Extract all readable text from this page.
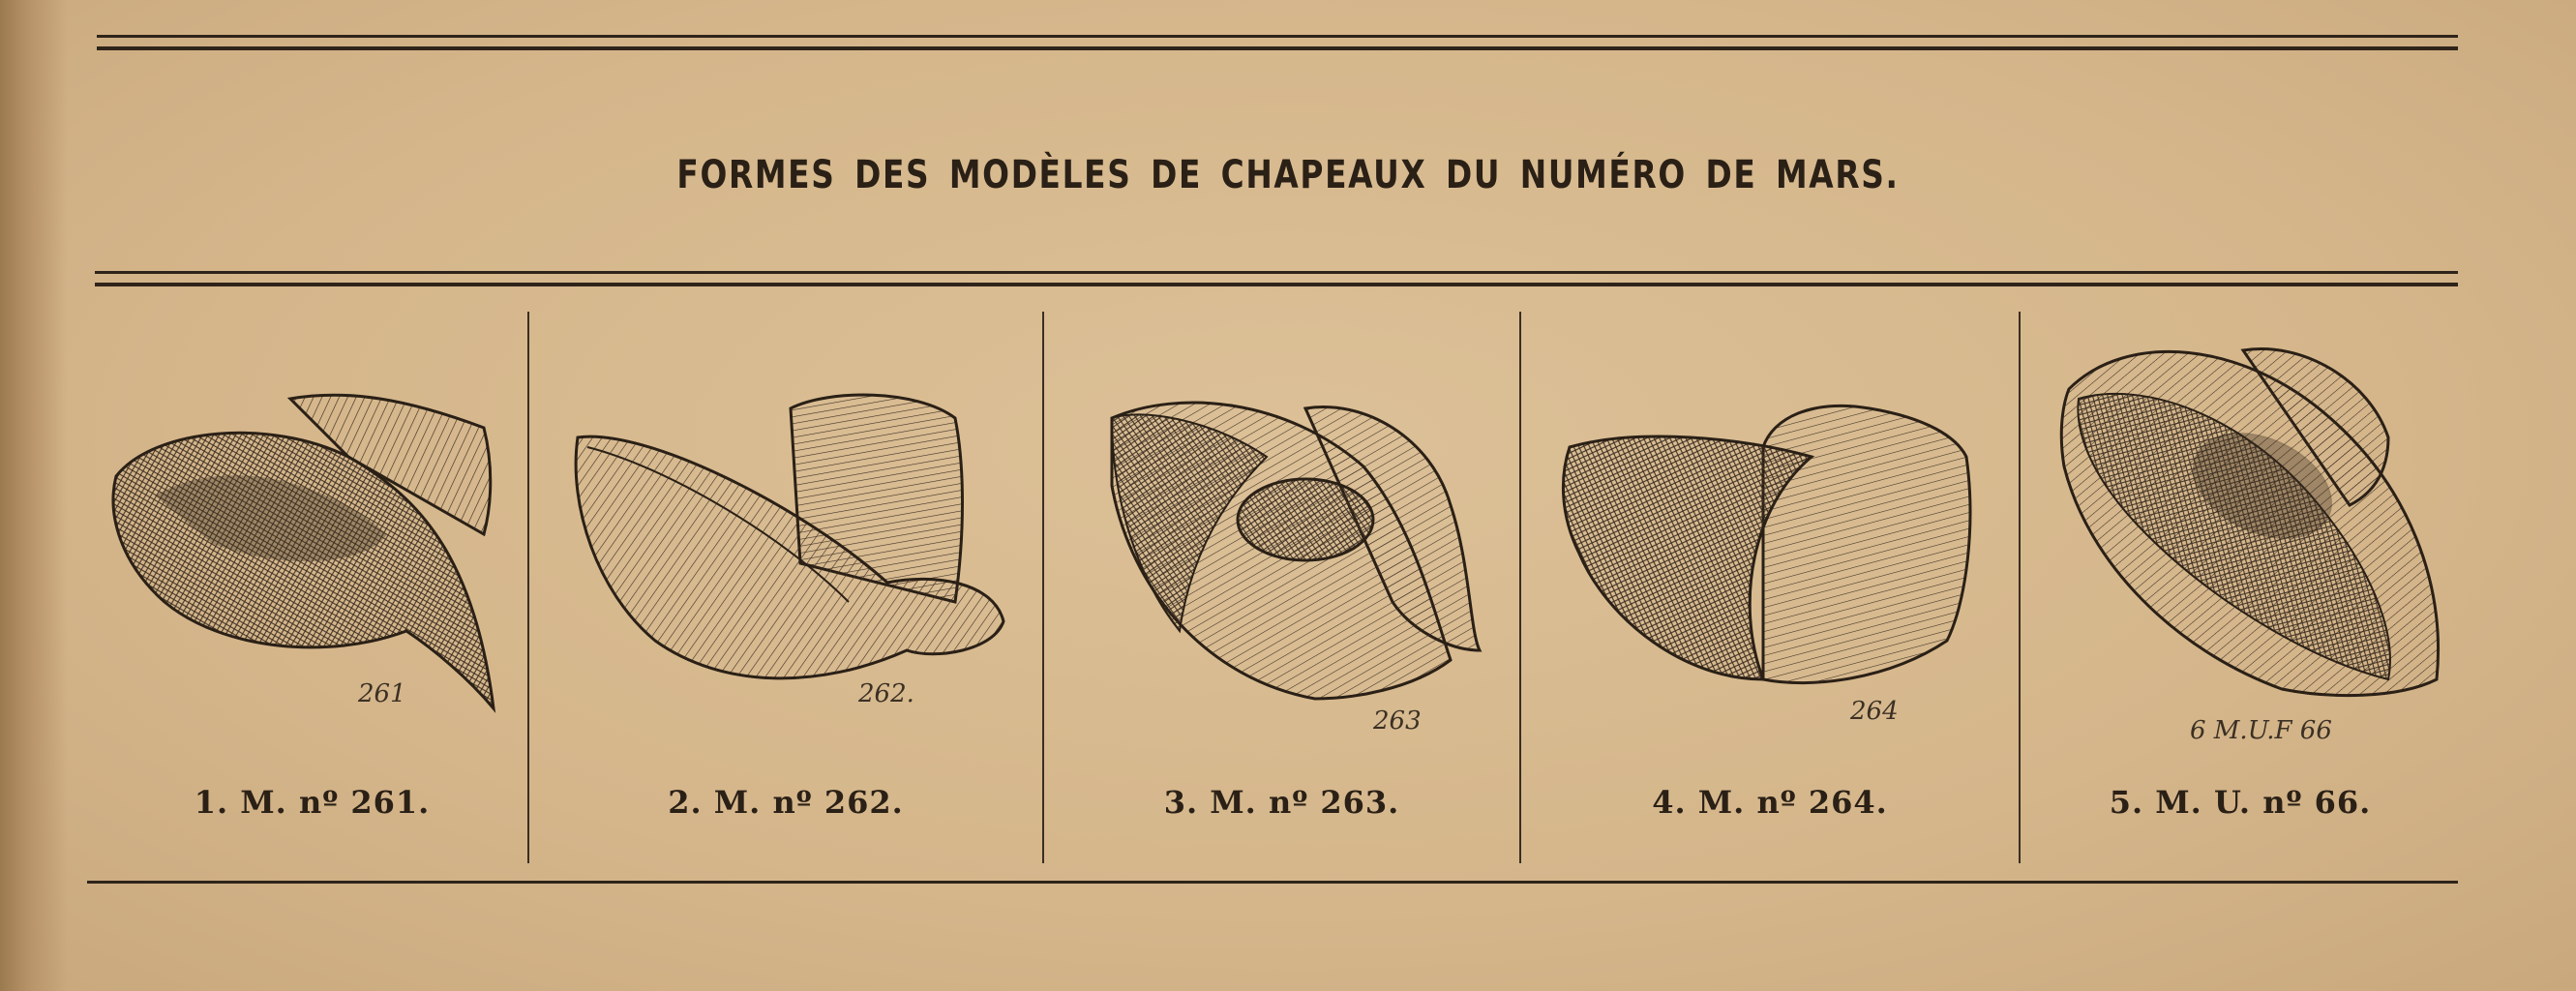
FORMES DES MODÈLES DE CHAPEAUX DU NUMÉRO DE MARS.
261
1. M. nº 261.
262.
2. M. nº 262.
263
3. M. nº 263.
264
4. M. nº 264.
6 M.U.F 66
5. M. U. nº 66.
